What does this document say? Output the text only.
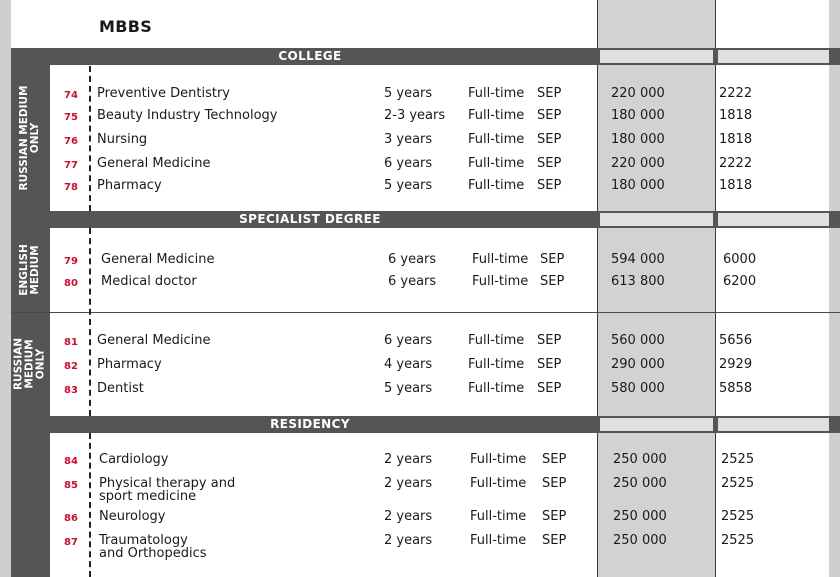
MBBS
COLLEGE
SPECIALIST DEGREE
RESIDENCY
RUSSIAN MEDIUM
ONLY
ENGLISH
MEDIUM
RUSSIAN
MEDIUM
ONLY
74 Preventive Dentistry	5 years	Full-time SEP	220 000	2222
75 Beauty Industry Technology	2-3 years Full-time SEP	180 000	1818
76 Nursing	3 years	Full-time SEP	180 000	1818
77 General Medicine	6 years	Full-time SEP	220 000	2222
78 Pharmacy	5 years	Full-time SEP	180 000	1818
79 General Medicine	6 years	Full-time SEP	594 000	6000
80 Medical doctor	6 years	Full-time SEP	613 800	6200
81 General Medicine	6 years	Full-time SEP	560 000	5656
82 Pharmacy	4 years	Full-time SEP	290 000	2929
83 Dentist	5 years	Full-time SEP	580 000	5858
84 Cardiology	2 years	Full-time SEP	250 000	2525
85 Physical therapy and	2 years	Full-time SEP	250 000	2525
sport medicine
86 Neurology	2 years	Full-time SEP	250 000	2525
87 Traumatology	2 years	Full-time SEP	250 000	2525
and Orthopedics
